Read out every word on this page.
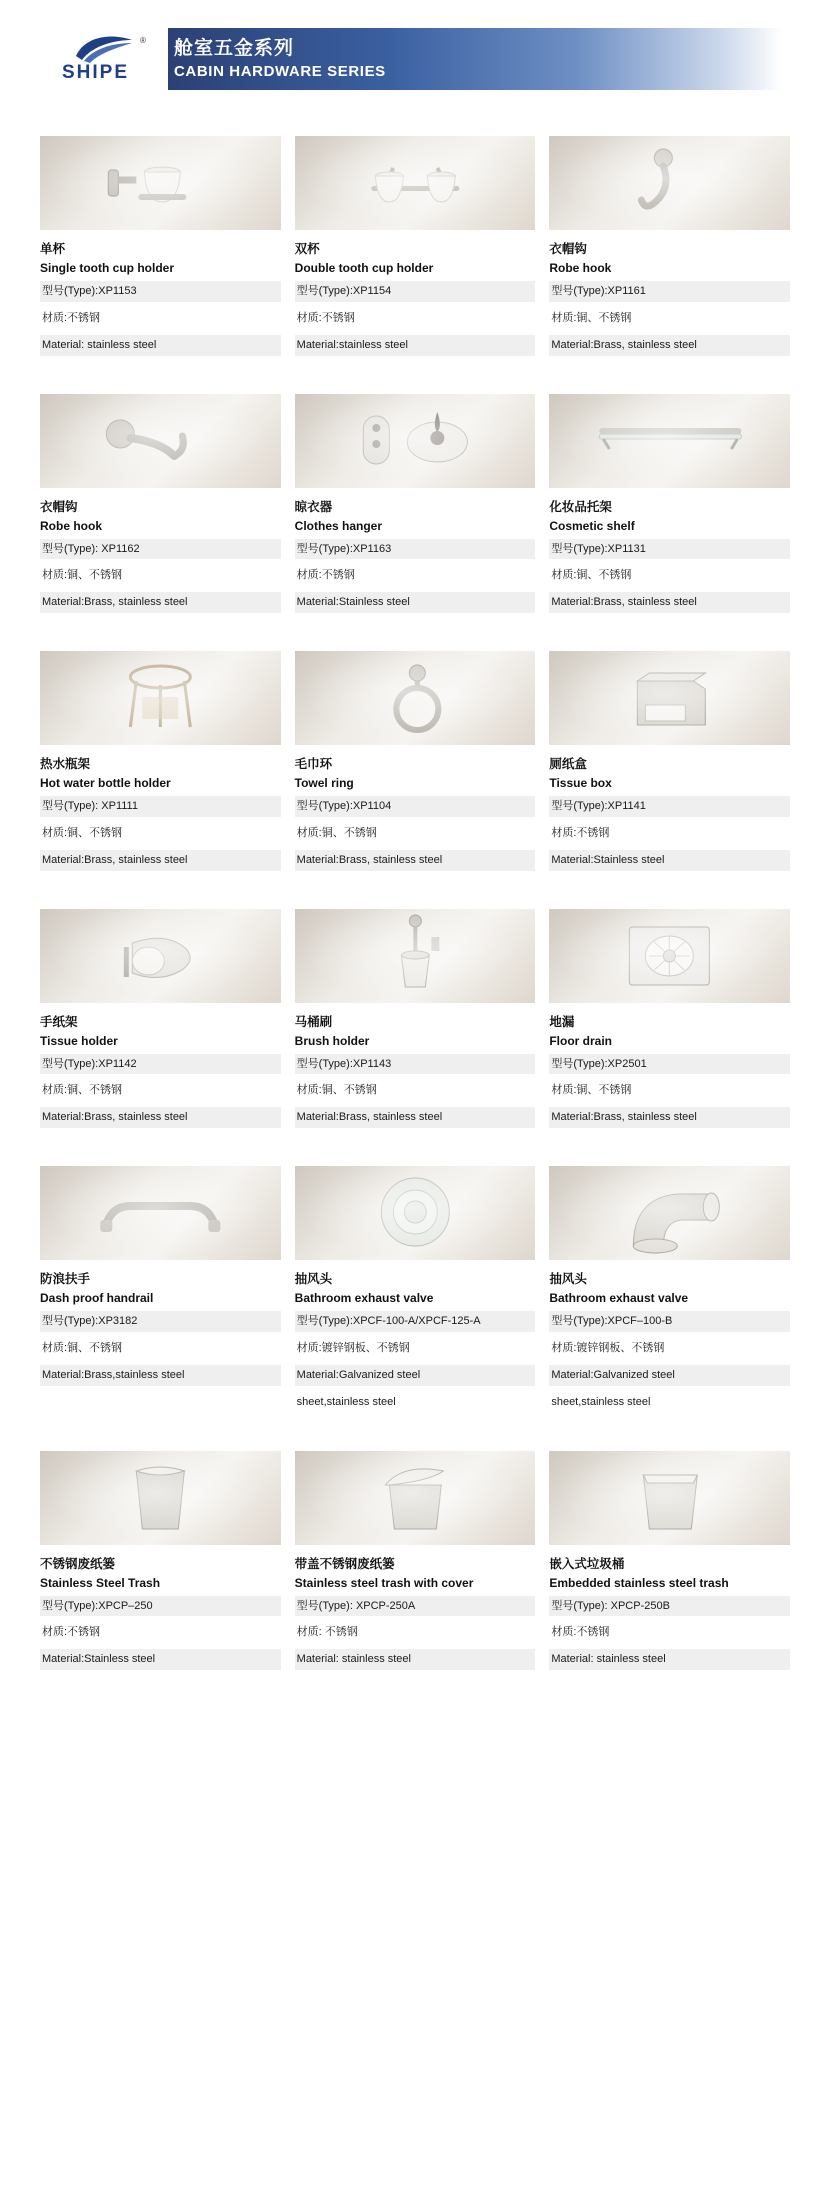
®
SHIPE
舱室五金系列
CABIN HARDWARE SERIES
单杯
Single tooth cup holder
型号(Type):XP1153
材质:不锈钢
Material: stainless steel
双杯
Double tooth cup holder
型号(Type):XP1154
材质:不锈钢
Material:stainless steel
衣帽钩
Robe hook
型号(Type):XP1161
材质:铜、不锈钢
Material:Brass, stainless steel
衣帽钩
Robe hook
型号(Type): XP1162
材质:铜、不锈钢
Material:Brass, stainless steel
晾衣器
Clothes hanger
型号(Type):XP1163
材质:不锈钢
Material:Stainless steel
化妆品托架
Cosmetic shelf
型号(Type):XP1131
材质:铜、不锈钢
Material:Brass, stainless steel
热水瓶架
Hot water bottle holder
型号(Type): XP1111
材质:铜、不锈钢
Material:Brass, stainless steel
毛巾环
Towel ring
型号(Type):XP1104
材质:铜、不锈钢
Material:Brass, stainless steel
厕纸盒
Tissue box
型号(Type):XP1141
材质:不锈钢
Material:Stainless steel
手纸架
Tissue holder
型号(Type):XP1142
材质:铜、不锈钢
Material:Brass, stainless steel
马桶刷
Brush holder
型号(Type):XP1143
材质:铜、不锈钢
Material:Brass, stainless steel
地漏
Floor drain
型号(Type):XP2501
材质:铜、不锈钢
Material:Brass, stainless steel
防浪扶手
Dash proof handrail
型号(Type):XP3182
材质:铜、不锈钢
Material:Brass,stainless steel
抽风头
Bathroom exhaust valve
型号(Type):XPCF-100-A/XPCF-125-A
材质:镀锌钢板、不锈钢
Material:Galvanized steel
sheet,stainless steel
抽风头
Bathroom exhaust valve
型号(Type):XPCF–100-B
材质:镀锌钢板、不锈钢
Material:Galvanized steel
sheet,stainless steel
不锈钢废纸篓
Stainless Steel Trash
型号(Type):XPCP–250
材质:不锈钢
Material:Stainless steel
带盖不锈钢废纸篓
Stainless steel trash with cover
型号(Type): XPCP-250A
材质: 不锈钢
Material: stainless steel
嵌入式垃圾桶
Embedded stainless steel trash
型号(Type): XPCP-250B
材质:不锈钢
Material: stainless steel
